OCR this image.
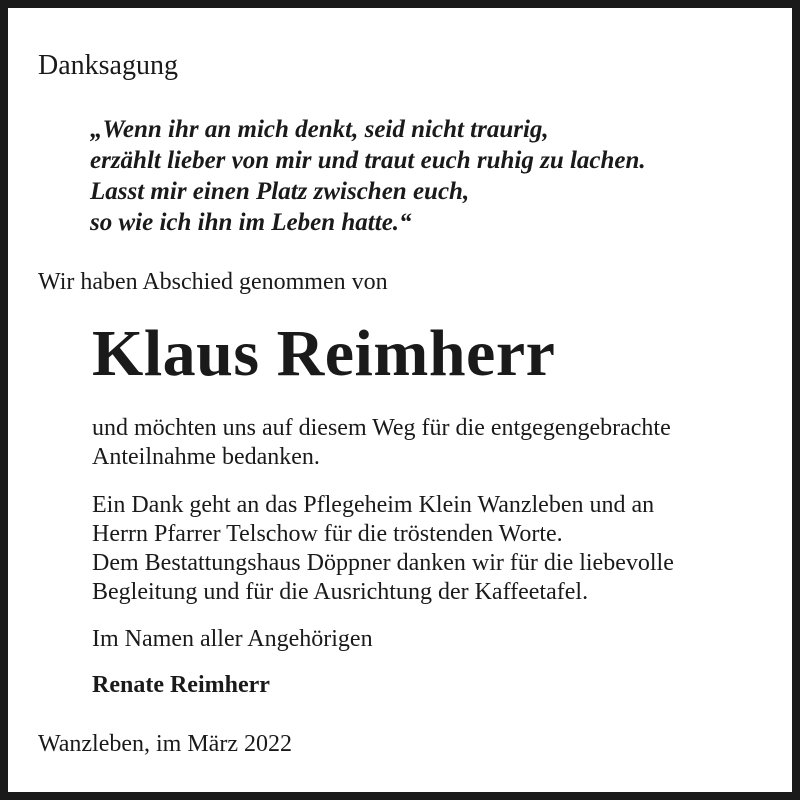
Danksagung

„Wenn ihr an mich denkt, seid nicht traurig,
erzählt lieber von mir und traut euch ruhig zu lachen.
Lasst mir einen Platz zwischen euch,
so wie ich ihn im Leben hatte.“

Wir haben Abschied genommen von

Klaus Reimherr

und möchten uns auf diesem Weg für die entgegengebrachte
Anteilnahme bedanken.

Ein Dank geht an das Pflegeheim Klein Wanzleben und an
Herrn Pfarrer Telschow für die tröstenden Worte.
Dem Bestattungshaus Döppner danken wir für die liebevolle
Begleitung und für die Ausrichtung der Kaffeetafel.

Im Namen aller Angehörigen

Renate Reimherr

Wanzleben, im März 2022
